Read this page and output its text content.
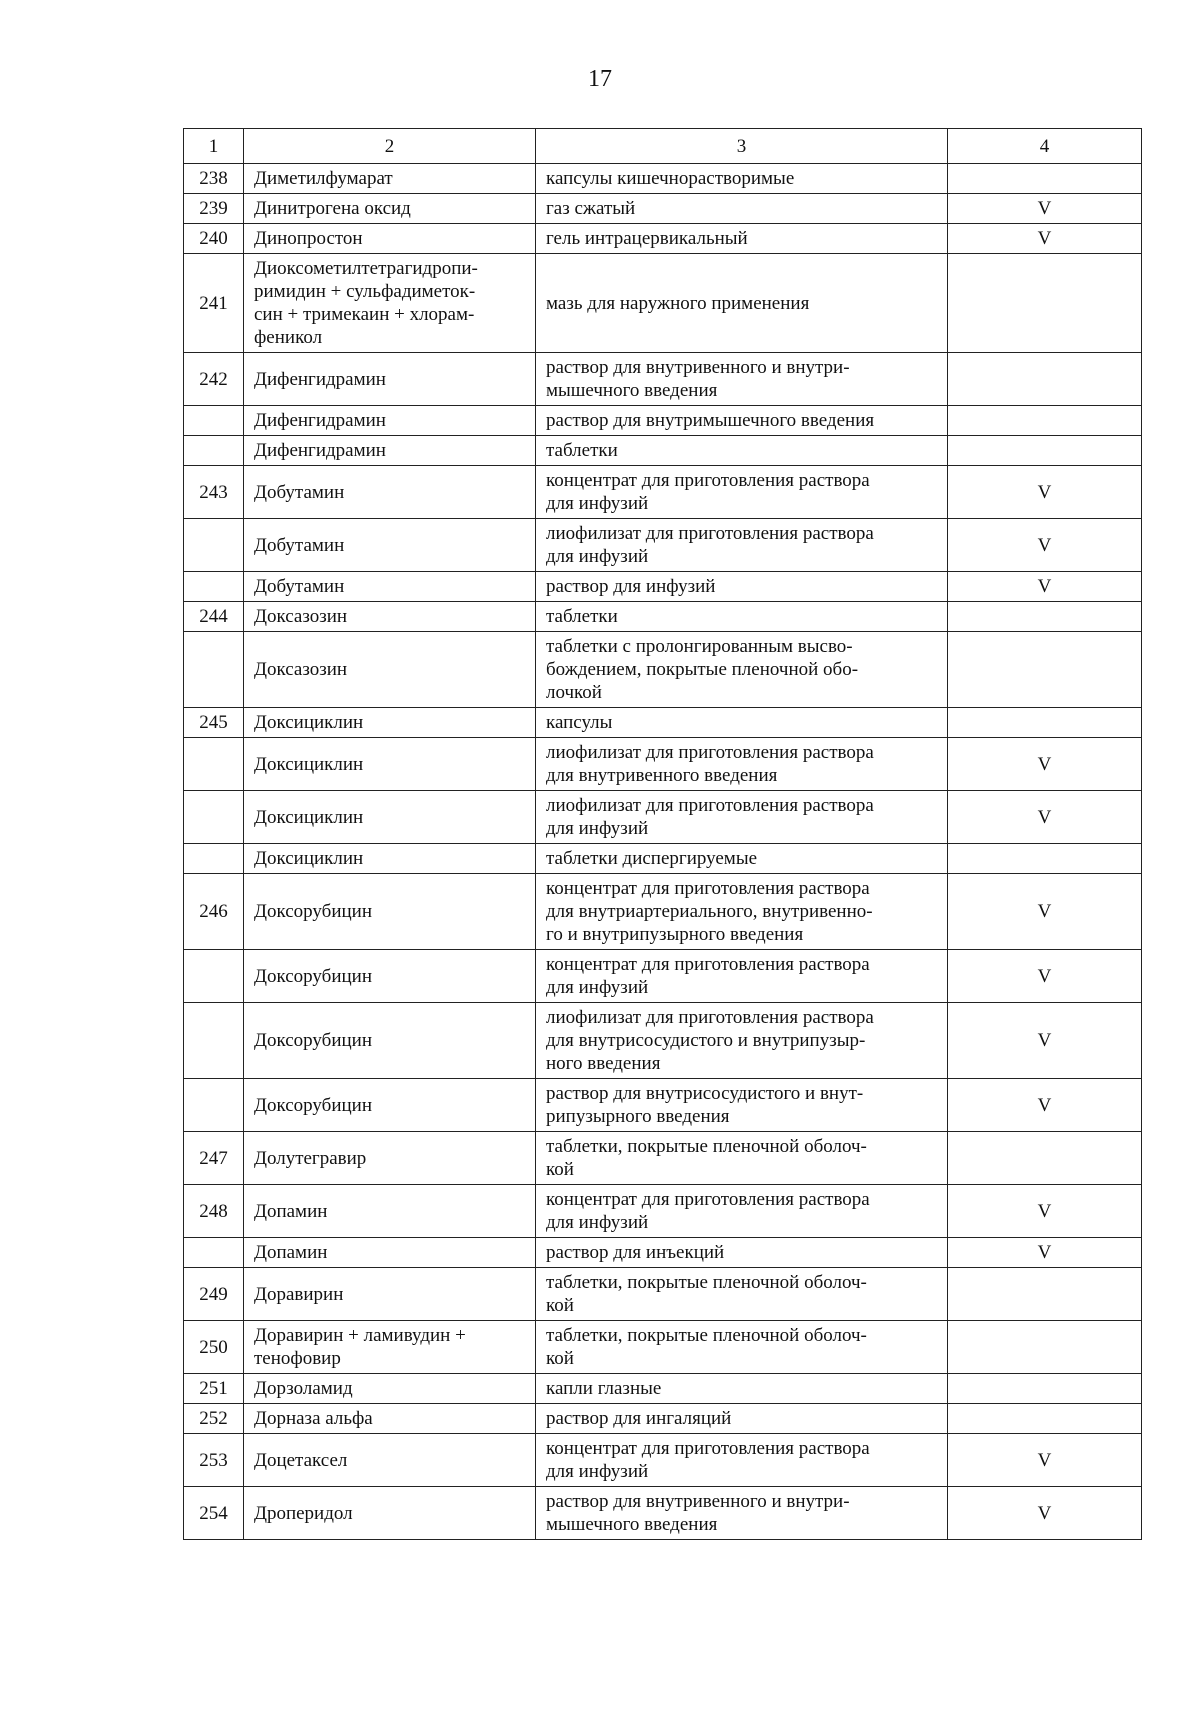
17
1	2	3	4
238	Диметилфумарат	капсулы кишечнорастворимые	
239	Динитрогена оксид	газ сжатый	V
240	Динопростон	гель интрацервикальный	V
241	Диоксометилтетрагидропи-
римидин + сульфадиметок-
син + тримекаин + хлорам-
феникол	мазь для наружного применения	
242	Дифенгидрамин	раствор для внутривенного и внутри-
мышечного введения	
	Дифенгидрамин	раствор для внутримышечного введения	
	Дифенгидрамин	таблетки	
243	Добутамин	концентрат для приготовления раствора
для инфузий	V
	Добутамин	лиофилизат для приготовления раствора
для инфузий	V
	Добутамин	раствор для инфузий	V
244	Доксазозин	таблетки	
	Доксазозин	таблетки с пролонгированным высво-
бождением, покрытые пленочной обо-
лочкой	
245	Доксициклин	капсулы	
	Доксициклин	лиофилизат для приготовления раствора
для внутривенного введения	V
	Доксициклин	лиофилизат для приготовления раствора
для инфузий	V
	Доксициклин	таблетки диспергируемые	
246	Доксорубицин	концентрат для приготовления раствора
для внутриартериального, внутривенно-
го и внутрипузырного введения	V
	Доксорубицин	концентрат для приготовления раствора
для инфузий	V
	Доксорубицин	лиофилизат для приготовления раствора
для внутрисосудистого и внутрипузыр-
ного введения	V
	Доксорубицин	раствор для внутрисосудистого и внут-
рипузырного введения	V
247	Долутегравир	таблетки, покрытые пленочной оболоч-
кой	
248	Допамин	концентрат для приготовления раствора
для инфузий	V
	Допамин	раствор для инъекций	V
249	Доравирин	таблетки, покрытые пленочной оболоч-
кой	
250	Доравирин + ламивудин +
тенофовир	таблетки, покрытые пленочной оболоч-
кой	
251	Дорзоламид	капли глазные	
252	Дорназа альфа	раствор для ингаляций	
253	Доцетаксел	концентрат для приготовления раствора
для инфузий	V
254	Дроперидол	раствор для внутривенного и внутри-
мышечного введения	V
